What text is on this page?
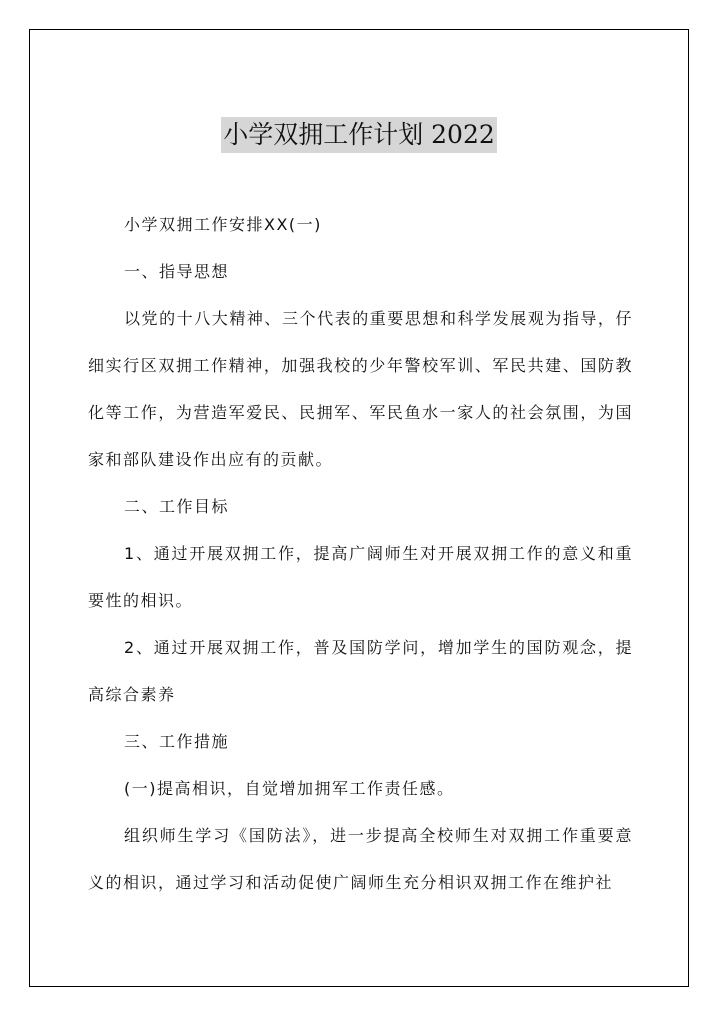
小学双拥工作计划 2022

小学双拥工作安排XX(一)

一、指导思想

以党的十八大精神、三个代表的重要思想和科学发展观为指导，仔细实行区双拥工作精神，加强我校的少年警校军训、军民共建、国防教化等工作，为营造军爱民、民拥军、军民鱼水一家人的社会氛围，为国家和部队建设作出应有的贡献。

二、工作目标

1、通过开展双拥工作，提高广阔师生对开展双拥工作的意义和重要性的相识。

2、通过开展双拥工作，普及国防学问，增加学生的国防观念，提高综合素养

三、工作措施

(一)提高相识，自觉增加拥军工作责任感。

组织师生学习《国防法》，进一步提高全校师生对双拥工作重要意义的相识，通过学习和活动促使广阔师生充分相识双拥工作在维护社
